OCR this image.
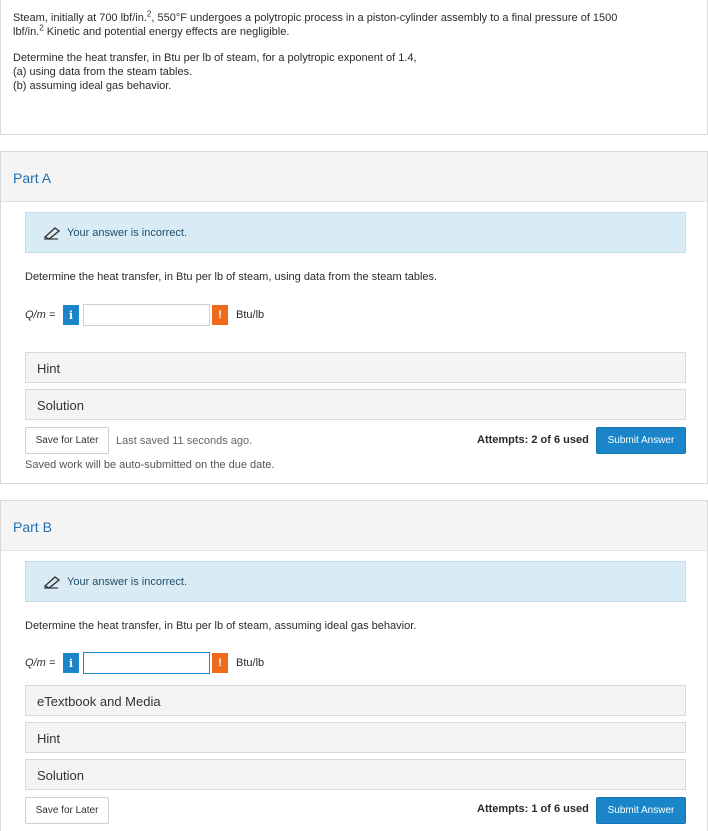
Steam, initially at 700 lbf/in.$^2$, 550°F undergoes a polytropic process in a piston-cylinder assembly to a final pressure of 1500

lbf/in.$^2$ Kinetic and potential energy effects are negligible.

Determine the heat transfer, in Btu per lb of steam, for a polytropic exponent of 1.4,

(a) using data from the steam tables.

(b) assuming ideal gas behavior.

Part A
Your answer is incorrect.
Determine the heat transfer, in Btu per lb of steam, using data from the steam tables.
Q/m =	i	!	Btu/lb
Hint
Solution
Save for Later	Last saved 11 seconds ago.	Attempts: 2 of 6 used	Submit Answer
Saved work will be auto-submitted on the due date.
Part B
Your answer is incorrect.
Determine the heat transfer, in Btu per lb of steam, assuming ideal gas behavior.
Q/m =	i	!	Btu/lb
eTextbook and Media
Hint
Solution
Save for Later	Attempts: 1 of 6 used	Submit Answer
